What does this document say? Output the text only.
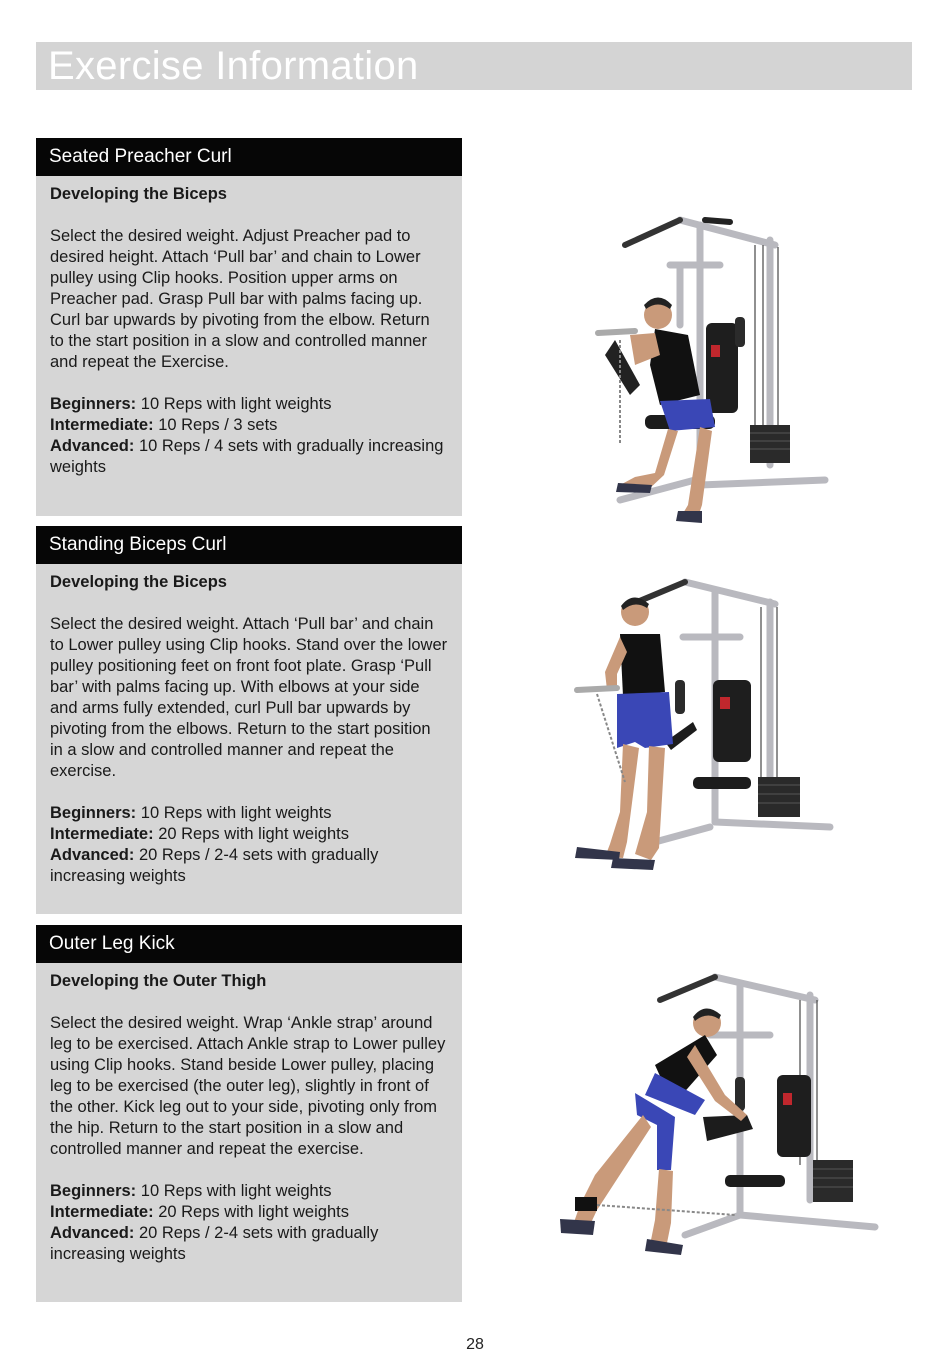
Exercise Information
Seated Preacher Curl

Developing the Biceps

Select the desired weight. Adjust Preacher pad to desired height. Attach ‘Pull bar’ and chain to Lower pulley using Clip hooks. Position upper arms on Preacher pad. Grasp Pull bar with palms facing up. Curl bar upwards by pivoting from the elbow. Return to the start position in a slow and controlled manner and repeat the Exercise.

Beginners: 10 Reps with light weights
Intermediate: 10 Reps / 3 sets
Advanced: 10 Reps / 4 sets with gradually increasing weights
Standing Biceps Curl

Developing the Biceps

Select the desired weight. Attach ‘Pull bar’ and chain to Lower pulley using Clip hooks. Stand over the lower pulley positioning feet on front foot plate. Grasp ‘Pull bar’ with palms facing up. With elbows at your side and arms fully extended, curl Pull bar upwards by pivoting from the elbows. Return to the start position in a slow and controlled manner and repeat the exercise.

Beginners: 10 Reps with light weights
Intermediate: 20 Reps with light weights
Advanced: 20 Reps / 2-4 sets with gradually increasing weights
Outer Leg Kick

Developing the Outer Thigh

Select the desired weight. Wrap ‘Ankle strap’ around leg to be exercised. Attach Ankle strap to Lower pulley using Clip hooks. Stand beside Lower pulley, placing leg to be exercised (the outer leg), slightly in front of the other. Kick leg out to your side, pivoting only from the hip. Return to the start position in a slow and controlled manner and repeat the exercise.

Beginners: 10 Reps with light weights
Intermediate: 20 Reps with light weights
Advanced: 20 Reps / 2-4 sets with gradually increasing weights
28
